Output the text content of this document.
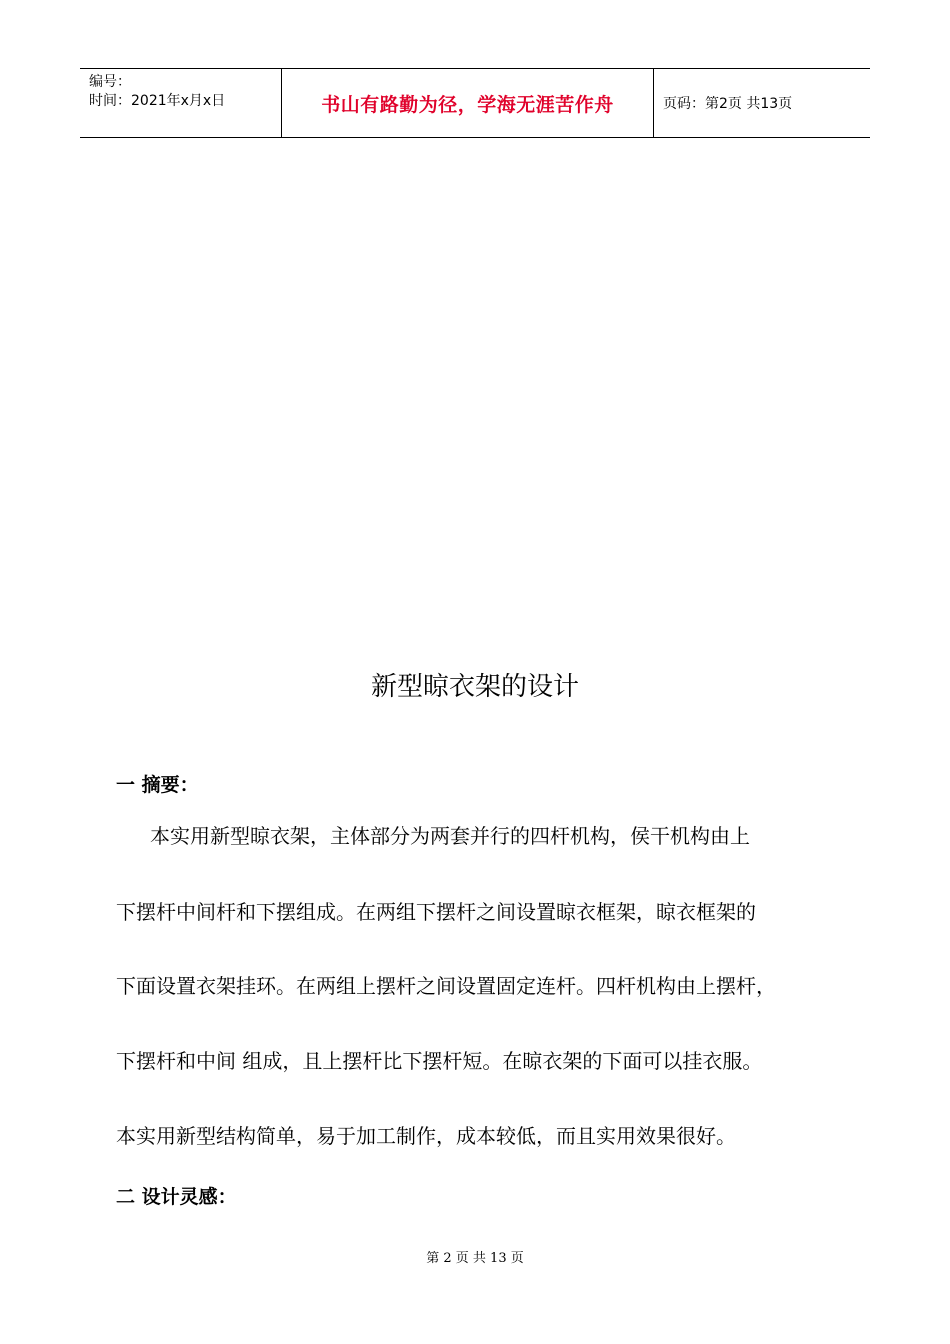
编号：
时间：2021年x月x日	书山有路勤为径，学海无涯苦作舟	页码：第2页 共13页
新型晾衣架的设计
一 摘要：
本实用新型晾衣架，主体部分为两套并行的四杆机构，侯干机构由上
下摆杆中间杆和下摆组成。在两组下摆杆之间设置晾衣框架，晾衣框架的
下面设置衣架挂环。在两组上摆杆之间设置固定连杆。四杆机构由上摆杆，
下摆杆和中间 组成，且上摆杆比下摆杆短。在晾衣架的下面可以挂衣服。
本实用新型结构简单，易于加工制作，成本较低，而且实用效果很好。
二 设计灵感：
第 2 页 共 13 页
